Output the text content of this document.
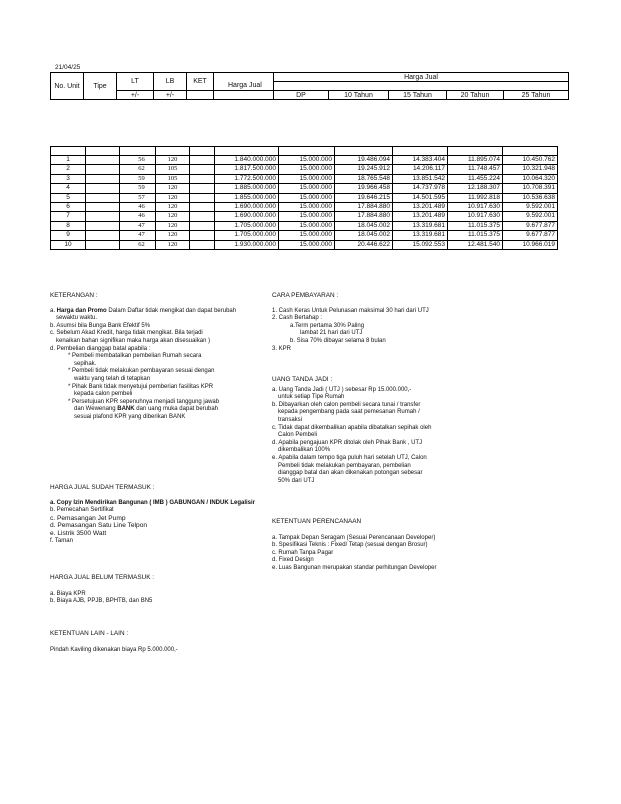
21/04/25
No. Unit	Tipe	LT	LB	KET		Harga Jual				
					Harga Jual					
		+/-	+/-			DP	10 Tahun	15 Tahun	20 Tahun	25 Tahun

1		56	120		1.840.000.000	15.000.000	19.486.094	14.383.404	11.895.074	10.450.762
2		62	105		1.817.500.000	15.000.000	19.245.912	14.206.117	11.748.457	10.321.948
3		59	105		1.772.500.000	15.000.000	18.765.548	13.851.542	11.455.224	10.064.320
4		59	120		1.885.000.000	15.000.000	19.966.458	14.737.978	12.188.307	10.708.391
5		57	120		1.855.000.000	15.000.000	19.646.215	14.501.595	11.992.818	10.536.638
6		46	120		1.690.000.000	15.000.000	17.884.880	13.201.489	10.917.630	9.592.001
7		46	120		1.690.000.000	15.000.000	17.884.880	13.201.489	10.917.630	9.592.001
8		47	120		1.705.000.000	15.000.000	18.045.002	13.319.681	11.015.375	9.677.877
9		47	120		1.705.000.000	15.000.000	18.045.002	13.319.681	11.015.375	9.677.877
10		62	120		1.930.000.000	15.000.000	20.446.622	15.092.553	12.481.540	10.966.019

KETERANGAN :

a. Harga dan Promo Dalam Daftar tidak mengikat dan dapat berubah

sewaktu waktu.

b. Asumsi bila Bunga Bank Efektif 5%

c. Sebelum Akad Kredit, harga tidak mengikat. Bila terjadi

kenaikan bahan signifikan maka harga akan disesuaikan )

d. Pembelian dianggap batal apabila :

* Pembeli membatalkan pembelian Rumah secara

sepihak.

* Pembeli tidak melakukan pembayaran sesuai dengan

waktu yang telah di tetapkan

* Pihak Bank tidak menyetujui pemberian fasilitas KPR

kepada calon pembeli

* Persetujuan KPR sepenuhnya menjadi tanggung jawab

dan Wewenang BANK dan uang muka dapat berubah

sesuai plafond KPR yang diberikan BANK

HARGA JUAL SUDAH TERMASUK :

a. Copy Izin Mendirikan Bangunan ( IMB ) GABUNGAN / INDUK Legalisir

b. Pemecahan Sertifikat

c. Pemasangan Jet Pump

d. Pemasangan Satu Line Telpon

e. Listrik 3500 Watt

f. Taman

HARGA JUAL BELUM TERMASUK :

a. Biaya KPR

b. Biaya AJB, PPJB, BPHTB, dan BN5

KETENTUAN LAIN - LAIN :

Pindah Kaviling dikenakan biaya Rp 5.000.000,-

CARA PEMBAYARAN :

1. Cash Keras Untuk Pelunasan maksimal 30 hari dari UTJ

2. Cash Bertahap :

a.Term pertama 30% Paling

lambat 21 hari dari UTJ

b. Sisa 70% dibayar selama 8 bulan

3. KPR

UANG TANDA JADI :

a. Uang Tanda Jadi ( UTJ ) sebesar Rp 15.000.000,-

untuk setiap Tipe Rumah

b. Dibayarkan oleh calon pembeli secara tunai / transfer

kepada pengembang pada saat pemesanan Rumah /

transaksi

c. Tidak dapat dikembalikan apabila dibatalkan sepihak oleh

Calon Pembeli

d. Apabila pengajuan KPR ditolak oleh Pihak Bank , UTJ

dikembalikan 100%

e. Apabila dalam tempo tiga puluh hari setelah UTJ, Calon

Pembeli tidak melakukan pembayaran, pembelian

dianggap batal dan akan dikenakan potongan sebesar

50% dari UTJ

KETENTUAN PERENCANAAN

a. Tampak Depan Seragam (Sesuai Perencanaan Developer)

b. Spesifikasi Teknis : Fixed/ Tetap (sesuai dengan Brosur)

c. Rumah Tanpa Pagar

d. Fixed Design

e. Luas Bangunan merupakan standar perhitungan Developer
